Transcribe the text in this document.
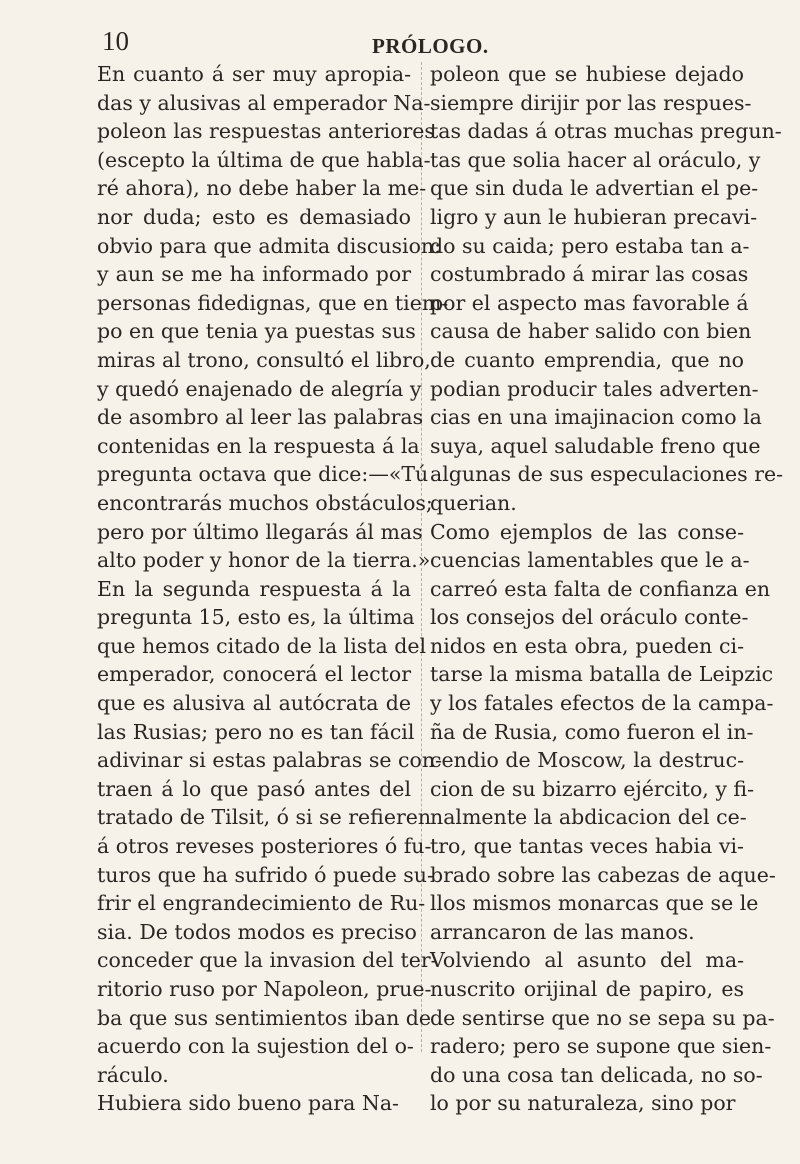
10	PRÓLOGO.
En cuanto á ser muy apropia-
das y alusivas al emperador Na-
poleon las respuestas anteriores
(escepto la última de que habla-
ré ahora), no debe haber la me-
nor duda; esto es demasiado
obvio para que admita discusion:
y aun se me ha informado por
personas fidedignas, que en tiem-
po en que tenia ya puestas sus
miras al trono, consultó el libro,
y quedó enajenado de alegría y
de asombro al leer las palabras
contenidas en la respuesta á la
pregunta octava que dice:—«Tú
encontrarás muchos obstáculos;
pero por último llegarás ál mas
alto poder y honor de la tierra.»
En la segunda respuesta á la
pregunta 15, esto es, la última
que hemos citado de la lista del
emperador, conocerá el lector
que es alusiva al autócrata de
las Rusias; pero no es tan fácil
adivinar si estas palabras se con-
traen á lo que pasó antes del
tratado de Tilsit, ó si se refieren
á otros reveses posteriores ó fu-
turos que ha sufrido ó puede su-
frir el engrandecimiento de Ru-
sia. De todos modos es preciso
conceder que la invasion del ter-
ritorio ruso por Napoleon, prue-
ba que sus sentimientos iban de
acuerdo con la sujestion del o-
ráculo.
Hubiera sido bueno para Na-
poleon que se hubiese dejado
siempre dirijir por las respues-
tas dadas á otras muchas pregun-
tas que solia hacer al oráculo, y
que sin duda le advertian el pe-
ligro y aun le hubieran precavi-
do su caida; pero estaba tan a-
costumbrado á mirar las cosas
por el aspecto mas favorable á
causa de haber salido con bien
de cuanto emprendia, que no
podian producir tales adverten-
cias en una imajinacion como la
suya, aquel saludable freno que
algunas de sus especulaciones re-
querian.
Como ejemplos de las conse-
cuencias lamentables que le a-
carreó esta falta de confianza en
los consejos del oráculo conte-
nidos en esta obra, pueden ci-
tarse la misma batalla de Leipzic
y los fatales efectos de la campa-
ña de Rusia, como fueron el in-
cendio de Moscow, la destruc-
cion de su bizarro ejército, y fi-
nalmente la abdicacion del ce-
tro, que tantas veces habia vi-
brado sobre las cabezas de aque-
llos mismos monarcas que se le
arrancaron de las manos.
Volviendo al asunto del ma-
nuscrito orijinal de papiro, es
de sentirse que no se sepa su pa-
radero; pero se supone que sien-
do una cosa tan delicada, no so-
lo por su naturaleza, sino por
